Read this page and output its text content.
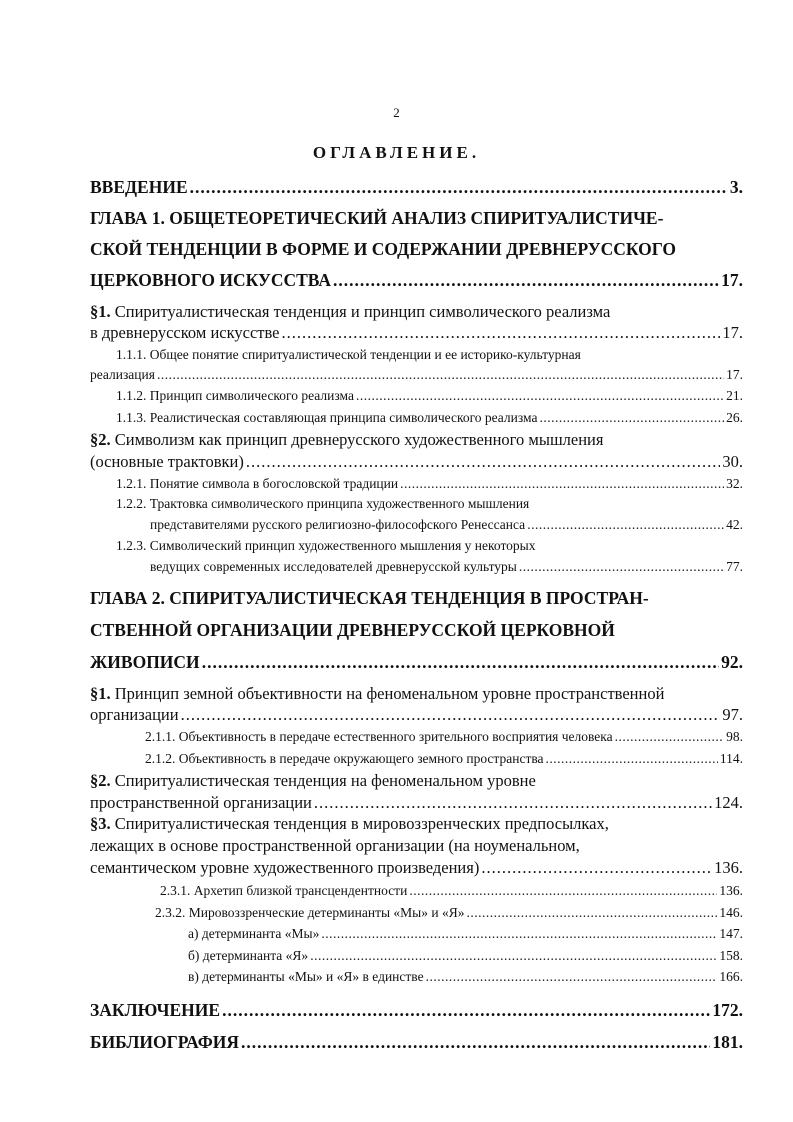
2
ОГЛАВЛЕНИЕ.
ВВЕДЕНИЕ .....	3.
ГЛАВА 1. ОБЩЕТЕОРЕТИЧЕСКИЙ АНАЛИЗ СПИРИТУАЛИСТИЧЕ-
СКОЙ ТЕНДЕНЦИИ В ФОРМЕ И СОДЕРЖАНИИ ДРЕВНЕРУССКОГО
ЦЕРКОВНОГО ИСКУССТВА .....	17.
§1. Спиритуалистическая тенденция и принцип символического реализма
в древнерусском искусстве .....	17.
1.1.1. Общее понятие спиритуалистической тенденции и ее историко-культурная
реализация .....	17.
1.1.2. Принцип символического реализма .....	21.
1.1.3. Реалистическая составляющая принципа символического реализма .....	26.
§2. Символизм как принцип древнерусского художественного мышления
(основные трактовки) .....	30.
1.2.1. Понятие символа в богословской традиции .....	32.
1.2.2. Трактовка символического принципа художественного мышления
представителями русского религиозно-философского Ренессанса .....	42.
1.2.3. Символический принцип художественного мышления у некоторых
ведущих современных исследователей древнерусской культуры .....	77.
ГЛАВА 2. СПИРИТУАЛИСТИЧЕСКАЯ ТЕНДЕНЦИЯ В ПРОСТРАН-
СТВЕННОЙ ОРГАНИЗАЦИИ ДРЕВНЕРУССКОЙ ЦЕРКОВНОЙ
ЖИВОПИСИ .....	92.
§1. Принцип земной объективности на феноменальном уровне пространственной
организации .....	97.
2.1.1. Объективность в передаче естественного зрительного восприятия человека .....	98.
2.1.2. Объективность в передаче окружающего земного пространства .....	114.
§2. Спиритуалистическая тенденция на феноменальном уровне
пространственной организации .....	124.
§3. Спиритуалистическая тенденция в мировоззренческих предпосылках,
лежащих в основе пространственной организации (на ноуменальном,
семантическом уровне художественного произведения) .....	136.
2.3.1. Архетип близкой трансцендентности .....	136.
2.3.2. Мировоззренческие детерминанты «Мы» и «Я» .....	146.
а) детерминанта «Мы» .....	147.
б) детерминанта «Я» .....	158.
в) детерминанты «Мы» и «Я» в единстве .....	166.
ЗАКЛЮЧЕНИЕ .....	172.
БИБЛИОГРАФИЯ .....	181.
